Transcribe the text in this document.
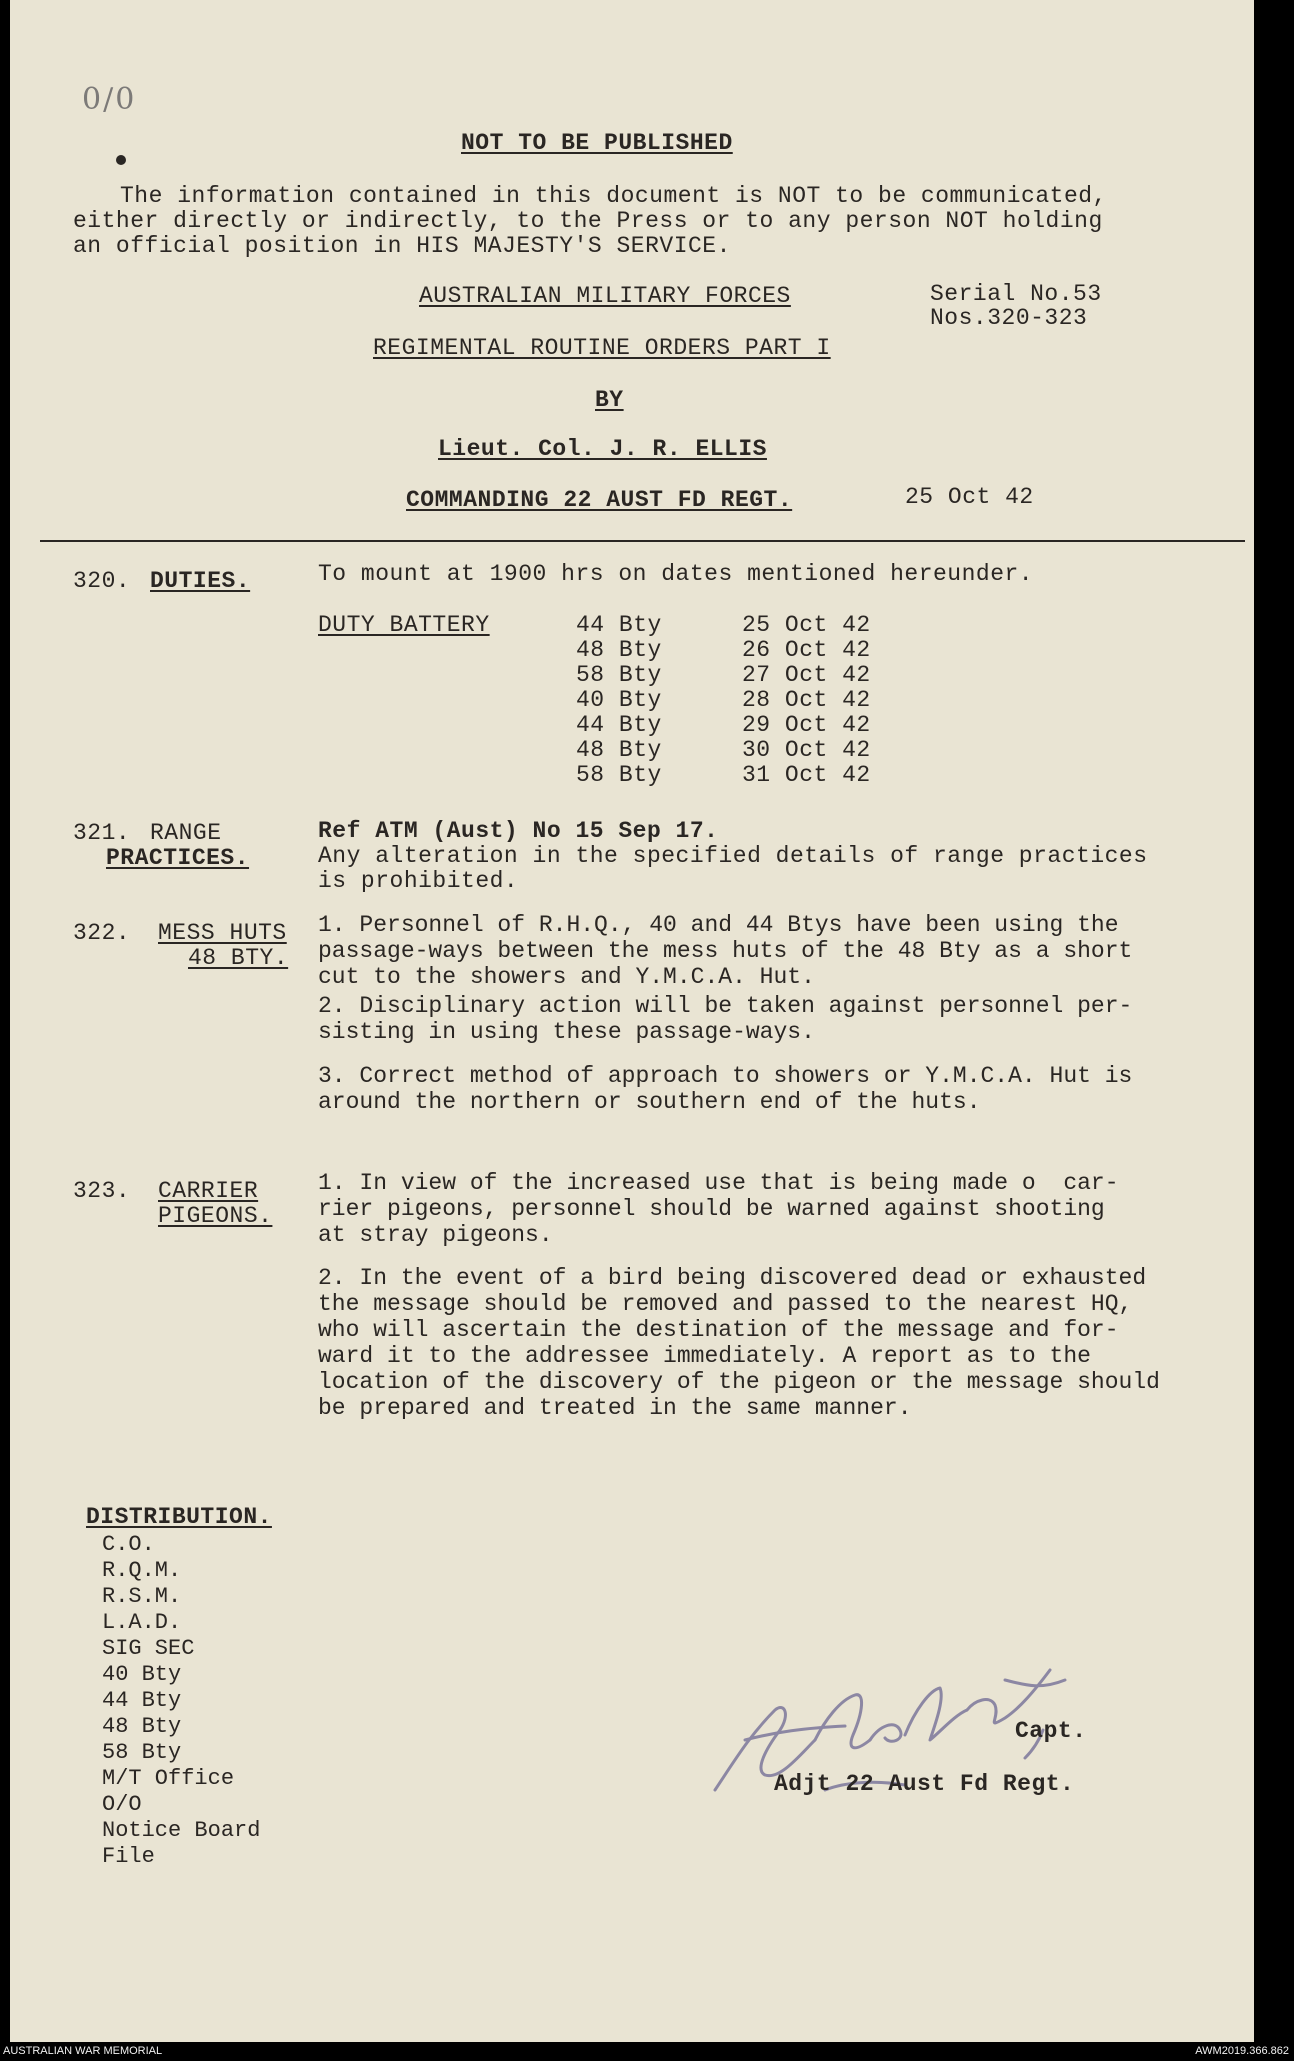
0/0
NOT TO BE PUBLISHED
The information contained in this document is NOT to be communicated,
either directly or indirectly, to the Press or to any person NOT holding
an official position in HIS MAJESTY'S SERVICE.
AUSTRALIAN MILITARY FORCES	Serial No.53
Nos.320-323
REGIMENTAL ROUTINE ORDERS PART I
BY
Lieut. Col. J. R. ELLIS
COMMANDING 22 AUST FD REGT.	25 Oct 42
320. DUTIES.	To mount at 1900 hrs on dates mentioned hereunder.
DUTY BATTERY	44 Bty	25 Oct 42
48 Bty	26 Oct 42
58 Bty	27 Oct 42
40 Bty	28 Oct 42
44 Bty	29 Oct 42
48 Bty	30 Oct 42
58 Bty	31 Oct 42
321. RANGE
PRACTICES.
Ref ATM (Aust) No 15 Sep 17.
Any alteration in the specified details of range practices
is prohibited.
322. MESS HUTS
48 BTY.
1. Personnel of R.H.Q., 40 and 44 Btys have been using the
passage-ways between the mess huts of the 48 Bty as a short
cut to the showers and Y.M.C.A. Hut.
2. Disciplinary action will be taken against personnel per-
sisting in using these passage-ways.
3. Correct method of approach to showers or Y.M.C.A. Hut is
around the northern or southern end of the huts.
323. CARRIER
PIGEONS.
1. In view of the increased use that is being made o  car-
rier pigeons, personnel should be warned against shooting
at stray pigeons.
2. In the event of a bird being discovered dead or exhausted
the message should be removed and passed to the nearest HQ,
who will ascertain the destination of the message and for-
ward it to the addressee immediately. A report as to the
location of the discovery of the pigeon or the message should
be prepared and treated in the same manner.
DISTRIBUTION.
C.O.
R.Q.M.
R.S.M.
L.A.D.
SIG SEC
40 Bty
44 Bty
48 Bty
58 Bty
M/T Office
O/O
Notice Board
File
Capt.
Adjt 22 Aust Fd Regt.
AUSTRALIAN WAR MEMORIAL	AWM2019.366.862
